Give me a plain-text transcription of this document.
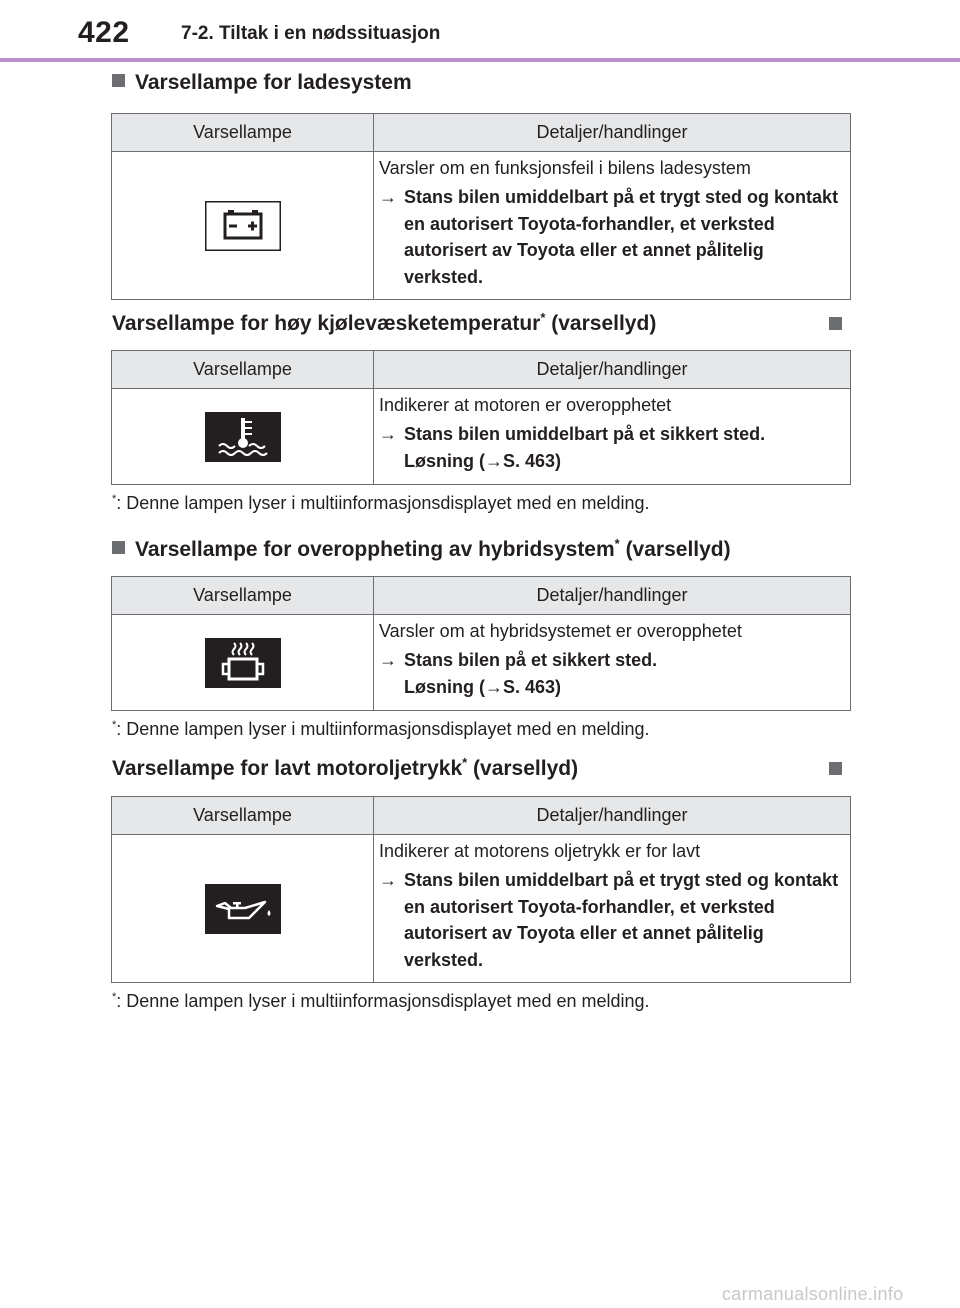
422	7-2. Tiltak i en nødssituasjon
Varsellampe for ladesystem
Varsellampe	Detaljer/handlinger

Varsler om en funksjonsfeil i bilens ladesystem
→ Stans bilen umiddelbart på et trygt sted og kontakt en autorisert Toyota-forhandler, et verksted autorisert av Toyota eller et annet pålitelig verksted.
Varsellampe for høy kjølevæsketemperatur* (varsellyd)
Varsellampe	Detaljer/handlinger

Indikerer at motoren er overopphetet
→ Stans bilen umiddelbart på et sikkert sted.
Løsning (→S. 463)
*: Denne lampen lyser i multiinformasjonsdisplayet med en melding.
Varsellampe for overoppheting av hybridsystem* (varsellyd)
Varsellampe	Detaljer/handlinger

Varsler om at hybridsystemet er overopphetet
→ Stans bilen på et sikkert sted.
Løsning (→S. 463)
*: Denne lampen lyser i multiinformasjonsdisplayet med en melding.
Varsellampe for lavt motoroljetrykk* (varsellyd)
Varsellampe	Detaljer/handlinger

Indikerer at motorens oljetrykk er for lavt
→ Stans bilen umiddelbart på et trygt sted og kontakt en autorisert Toyota-forhandler, et verksted autorisert av Toyota eller et annet pålitelig verksted.
*: Denne lampen lyser i multiinformasjonsdisplayet med en melding.
carmanualsonline.info
